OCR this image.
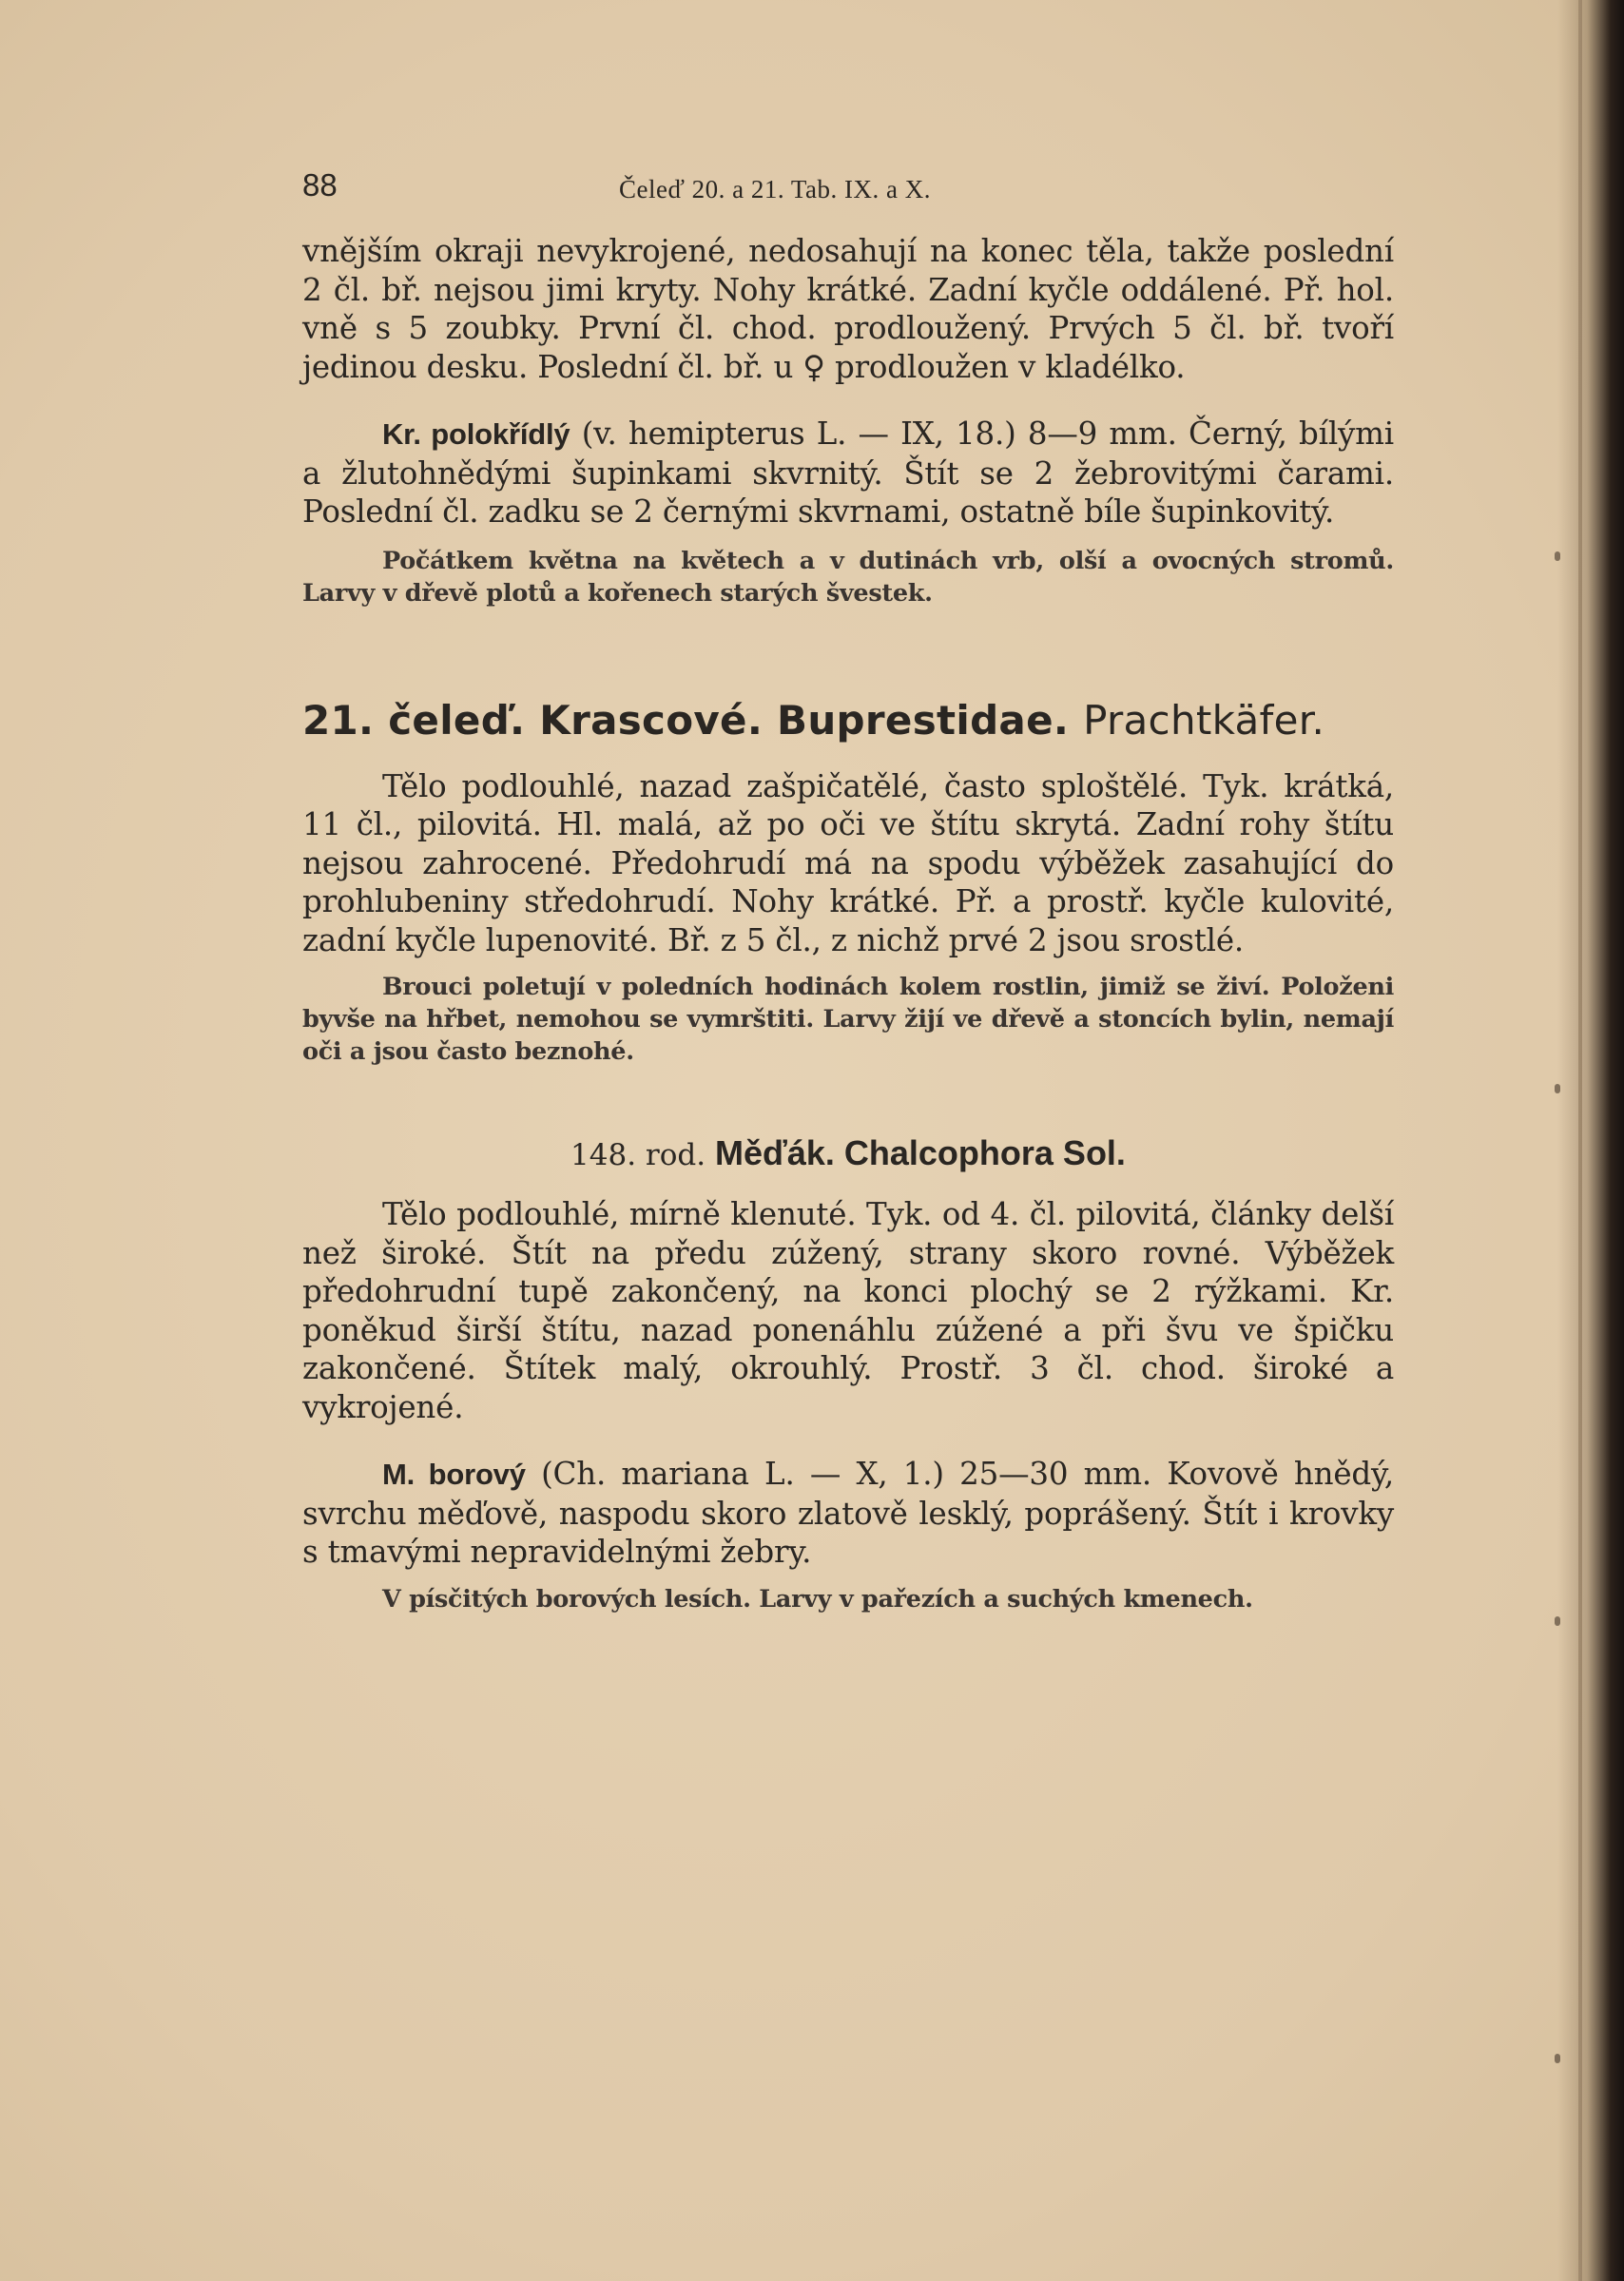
88	Čeleď 20. a 21. Tab. IX. a X.

vnějším okraji nevykrojené, nedosahují na konec těla, takže poslední 2 čl. bř. nejsou jimi kryty. Nohy krátké. Zadní kyčle oddálené. Př. hol. vně s 5 zoubky. První čl. chod. prodloužený. Prvých 5 čl. bř. tvoří jedinou desku. Poslední čl. bř. u ♀ prodloužen v kladélko.

Kr. polokřídlý (v. hemipterus L. — IX, 18.) 8—9 mm. Černý, bílými a žlutohnědými šupinkami skvrnitý. Štít se 2 žebrovitými čarami. Poslední čl. zadku se 2 černými skvrnami, ostatně bíle šupinkovitý.

Počátkem května na květech a v dutinách vrb, olší a ovocných stromů. Larvy v dřevě plotů a kořenech starých švestek.

21. čeleď. Krascové. Buprestidae. Prachtkäfer.

Tělo podlouhlé, nazad zašpičatělé, často sploštělé. Tyk. krátká, 11 čl., pilovitá. Hl. malá, až po oči ve štítu skrytá. Zadní rohy štítu nejsou zahrocené. Předohrudí má na spodu výběžek zasahující do prohlubeniny středohrudí. Nohy krátké. Př. a prostř. kyčle kulovité, zadní kyčle lupenovité. Bř. z 5 čl., z nichž prvé 2 jsou srostlé.

Brouci poletují v poledních hodinách kolem rostlin, jimiž se živí. Položeni byvše na hřbet, nemohou se vymrštiti. Larvy žijí ve dřevě a stoncích bylin, nemají oči a jsou často beznohé.

148. rod. Měďák. Chalcophora Sol.

Tělo podlouhlé, mírně klenuté. Tyk. od 4. čl. pilovitá, články delší než široké. Štít na předu zúžený, strany skoro rovné. Výběžek předohrudní tupě zakončený, na konci plochý se 2 rýžkami. Kr. poněkud širší štítu, nazad ponenáhlu zúžené a při švu ve špičku zakončené. Štítek malý, okrouhlý. Prostř. 3 čl. chod. široké a vykrojené.

M. borový (Ch. mariana L. — X, 1.) 25—30 mm. Kovově hnědý, svrchu měďově, naspodu skoro zlatově lesklý, poprášený. Štít i krovky s tmavými nepravidelnými žebry.

V písčitých borových lesích. Larvy v pařezích a suchých kmenech.
